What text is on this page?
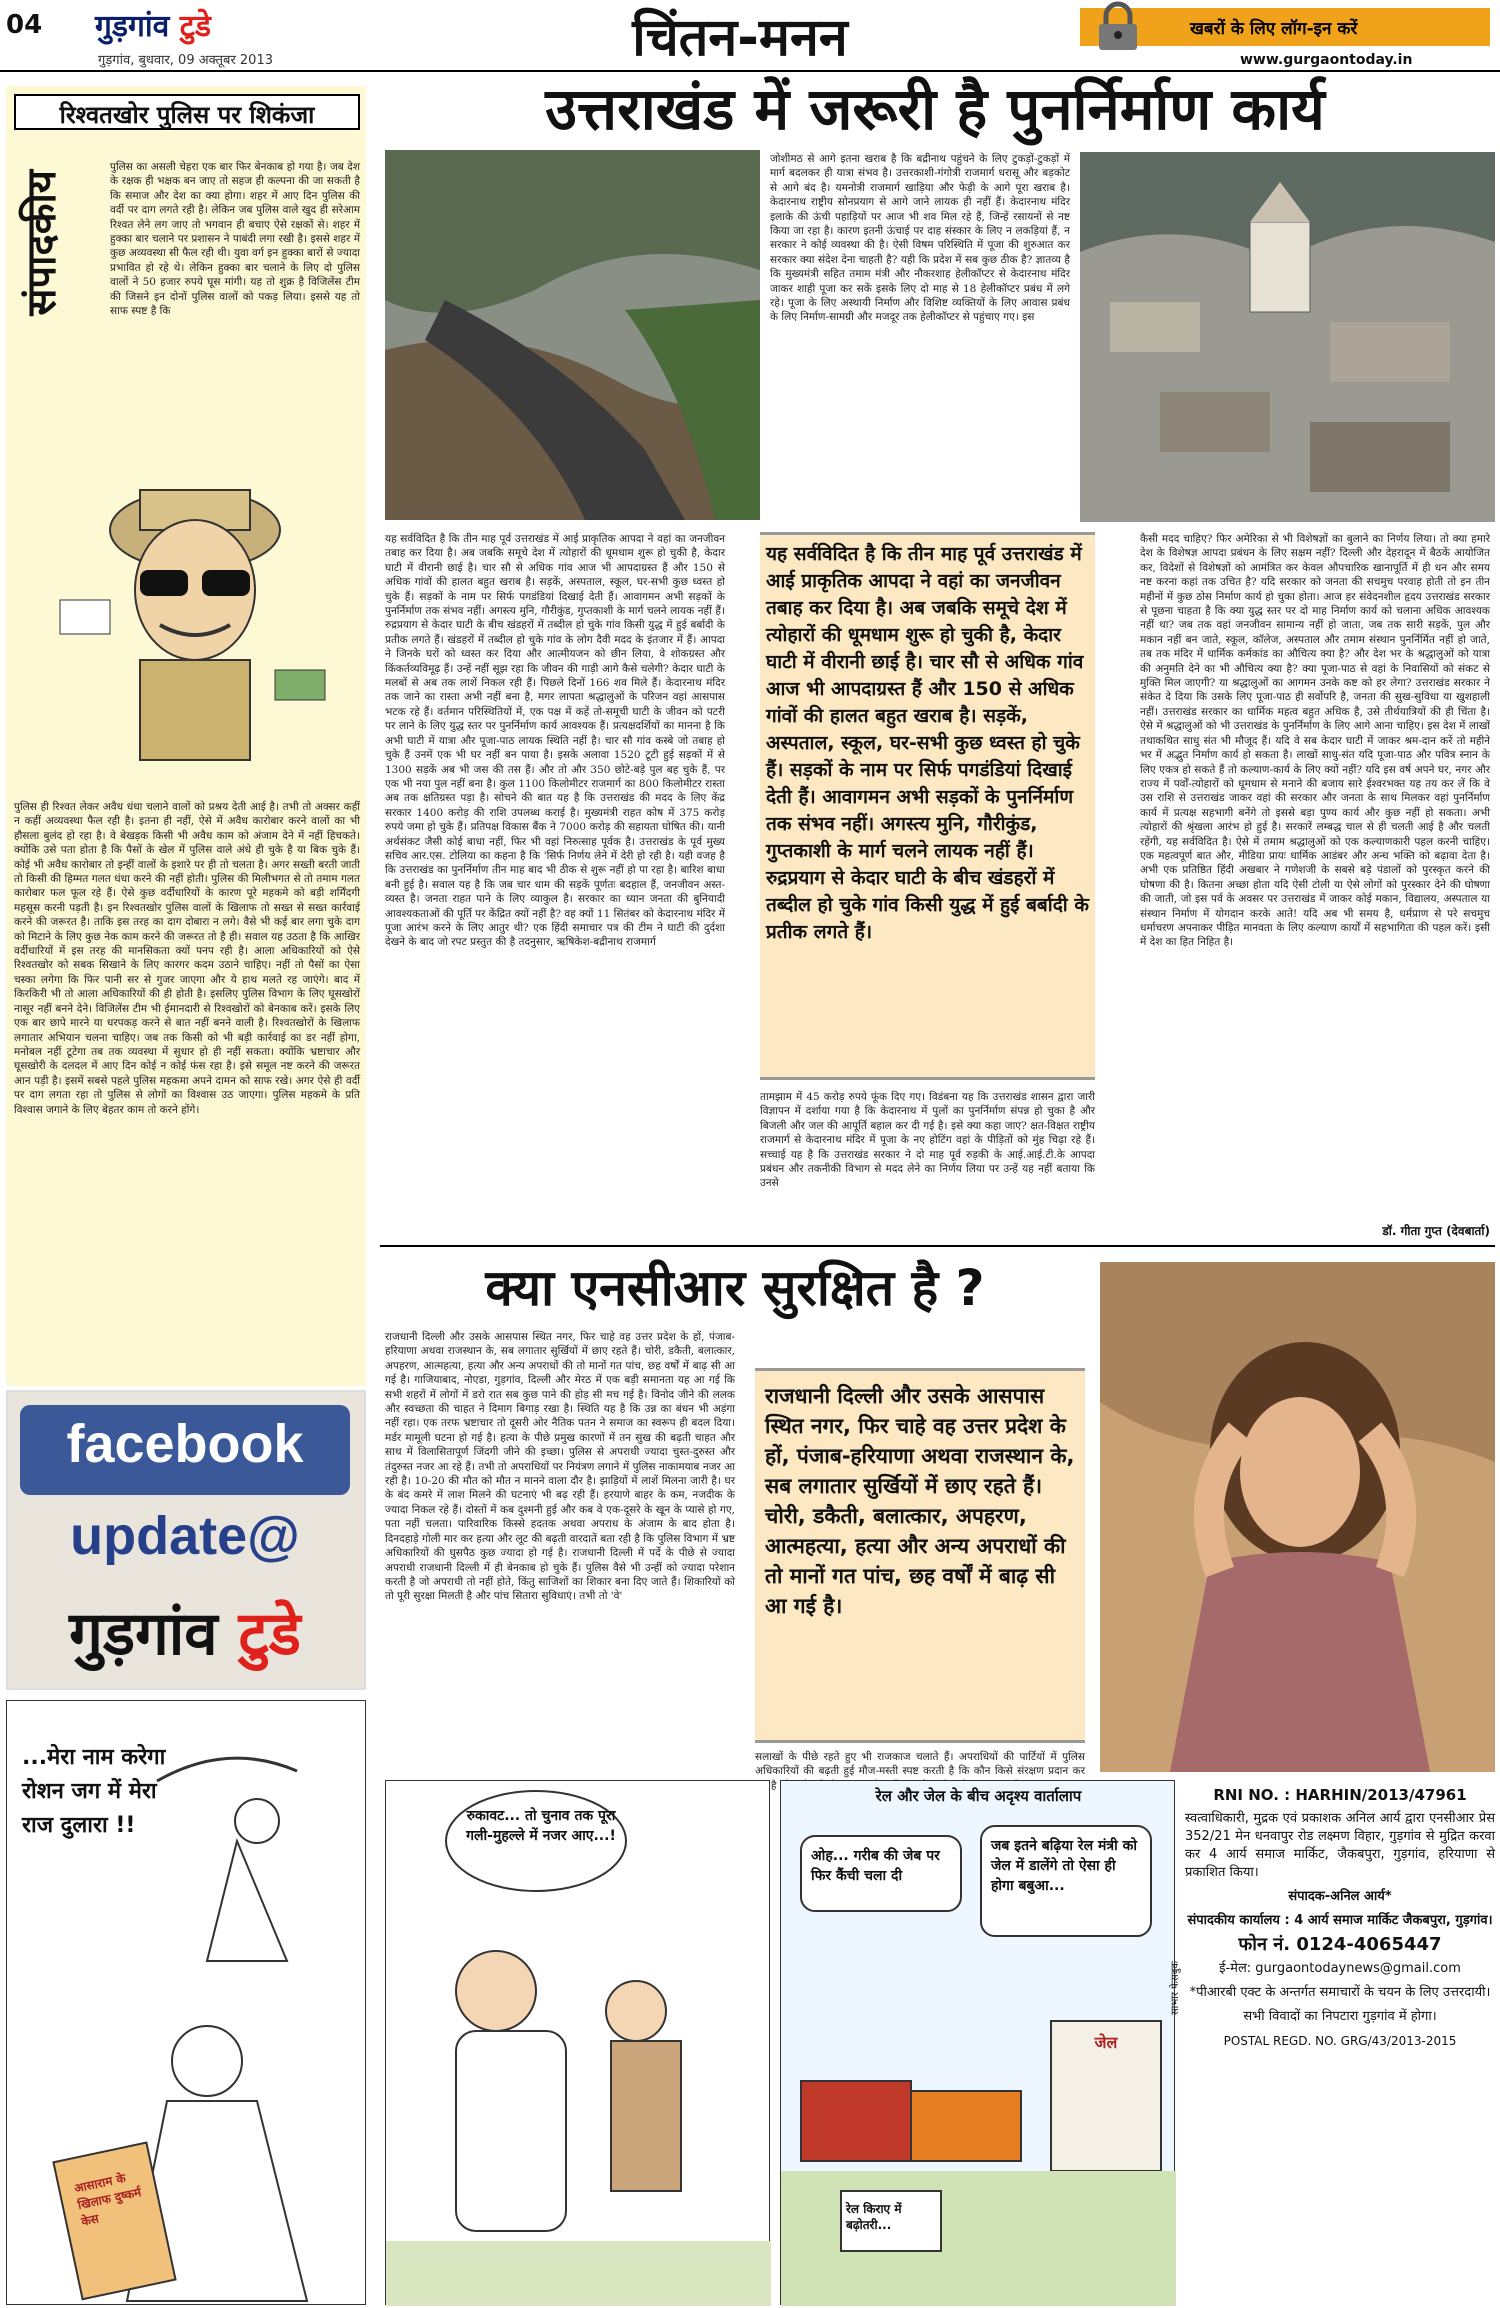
04 गुड़गांव टुडे
गुड़गांव, बुधवार, 09 अक्तूबर 2013	चिंतन-मनन	खबरों के लिए लॉग-इन करें
www.gurgaontoday.in
रिश्वतखोर पुलिस पर शिकंजा
संपादकीय
पुलिस का असली चेहरा एक बार फिर बेनकाब हो गया है। जब देश के रक्षक ही भक्षक बन जाए तो सहज ही कल्पना की जा सकती है कि समाज और देश का क्या होगा। शहर में आए दिन पुलिस की वर्दी पर दाग लगते रही है। लेकिन जब पुलिस वाले खुद ही सरेआम रिश्वत लेने लग जाए तो भगवान ही बचाए ऐसे रक्षकों से। शहर में हुक्का बार चलाने पर प्रशासन ने पाबंदी लगा रखी है। इससे शहर में कुछ अव्यवस्था सी फैल रही थी। युवा वर्ग इन हुक्का बारों से ज्यादा प्रभावित हो रहे थे। लेकिन हुक्का बार चलाने के लिए दो पुलिस वालों ने 50 हजार रुपये घूस मांगी। यह तो शुक्र है विजिलेंस टीम की जिसने इन दोनों पुलिस वालों को पकड़ लिया। इससे यह तो साफ स्पष्ट है कि
पुलिस ही रिश्वत लेकर अवैध धंधा चलाने वालों को प्रश्रय देती आई है। तभी तो अक्सर कहीं न कहीं अव्यवस्था फैल रही है। इतना ही नहीं, ऐसे में अवैध कारोबार करने वालों का भी हौसला बुलंद हो रहा है। वे बेखड़क किसी भी अवैध काम को अंजाम देने में नहीं हिचकते। क्योंकि उसे पता होता है कि पैसों के खेल में पुलिस वाले अंधे ही चुके है या बिक चुके हैं। कोई भी अवैध कारोबार तो इन्हीं वालों के इशारे पर ही तो चलता है। अगर सख्ती बरती जाती तो किसी की हिम्मत गलत धंधा करने की नहीं होती। पुलिस की मिलीभगत से तो तमाम गलत कारोबार फल फूल रहे हैं। ऐसे कुछ वर्दीधारियों के कारण पूरे महकमे को बड़ी शर्मिंदगी महसूस करनी पड़ती है। इन रिश्वतखोर पुलिस वालों के खिलाफ तो सख्त से सख्त कार्रवाई करने की जरूरत है। ताकि इस तरह का दाग दोबारा न लगे। वैसे भी कई बार लगा चुके दाग को मिटाने के लिए कुछ नेक काम करने की जरूरत तो है ही। सवाल यह उठता है कि आखिर वर्दीधारियों में इस तरह की मानसिकता क्यों पनप रही है। आला अधिकारियों को ऐसे रिश्वतखोर को सबक सिखाने के लिए कारगर कदम उठाने चाहिए। नहीं तो पैसों का ऐसा चस्का लगेगा कि फिर पानी सर से गुजर जाएगा और ये हाथ मलते रह जाएंगे। बाद में किरकिरी भी तो आला अधिकारियों की ही होती है। इसलिए पुलिस विभाग के लिए घूसखोरों नासूर नहीं बनने देने। विजिलेंस टीम भी ईमानदारी से रिश्वखोरों को बेनकाब करें। इसके लिए एक बार छापे मारने या धरपकड़ करने से बात नहीं बनने वाली है। रिश्वतखोरों के खिलाफ लगातार अभियान चलना चाहिए। जब तक किसी को भी बड़ी कार्रवाई का डर नहीं होगा, मनोबल नहीं टूटेगा तब तक व्यवस्था में सुधार हो ही नहीं सकता। क्योंकि भ्रष्टाचार और घूसखोरी के दलदल में आए दिन कोई न कोई फंस रहा है। इसे समूल नष्ट करने की जरूरत आन पड़ी है। इसमें सबसे पहले पुलिस महकमा अपने दामन को साफ रखे। अगर ऐसे ही वर्दी पर दाग लगता रहा तो पुलिस से लोगों का विश्वास उठ जाएगा। पुलिस महकमे के प्रति विश्वास जगाने के लिए बेहतर काम तो करने होंगे।
उत्तराखंड में जरूरी है पुनर्निर्माण कार्य
जोशीमठ से आगे इतना खराब है कि बद्रीनाथ पहुंचने के लिए टुकड़ों-टुकड़ों में मार्ग बदलकर ही यात्रा संभव है। उत्तरकाशी-गंगोत्री राजमार्ग धरासू और बड़कोट से आगे बंद है। यमनोत्री राजमार्ग खाड़िया और फेड़ी के आगे पूरा खराब है। केदारनाथ राष्ट्रीय सोनप्रयाग से आगे जाने लायक ही नहीं हैं। केदारनाथ मंदिर इलाके की ऊंची पहाड़ियों पर आज भी शव मिल रहे हैं, जिन्हें रसायनों से नष्ट किया जा रहा है। कारण इतनी ऊंचाई पर दाह संस्कार के लिए न लकड़ियां हैं, न सरकार ने कोई व्यवस्था की है। ऐसी विषम परिस्थिति में पूजा की शुरुआत कर सरकार क्या संदेश देना चाहती है? यही कि प्रदेश में सब कुछ ठीक है? ज्ञातव्य है कि मुख्यमंत्री सहित तमाम मंत्री और नौकरशाह हेलीकॉप्टर से केदारनाथ मंदिर जाकर शाही पूजा कर सकें इसके लिए दो माह से 18 हेलीकॉप्टर प्रबंध में लगे रहे। पूजा के लिए अस्थायी निर्माण और विशिष्ट व्यक्तियों के लिए आवास प्रबंध के लिए निर्माण-सामग्री और मजदूर तक हेलीकॉप्टर से पहुंचाए गए। इस
यह सर्वविदित है कि तीन माह पूर्व उत्तराखंड में आई प्राकृतिक आपदा ने वहां का जनजीवन तबाह कर दिया है। अब जबकि समूचे देश में त्योहारों की धूमधाम शुरू हो चुकी है, केदार घाटी में वीरानी छाई है। चार सौ से अधिक गांव आज भी आपदाग्रस्त हैं और 150 से अधिक गांवों की हालत बहुत खराब है। सड़कें, अस्पताल, स्कूल, घर-सभी कुछ ध्वस्त हो चुके हैं। सड़कों के नाम पर सिर्फ पगडंडियां दिखाई देती हैं। आवागमन अभी सड़कों के पुनर्निर्माण तक संभव नहीं। अगस्त्य मुनि, गौरीकुंड, गुप्तकाशी के मार्ग चलने लायक नहीं हैं। रुद्रप्रयाग से केदार घाटी के बीच खंडहरों में तब्दील हो चुके गांव किसी युद्ध में हुई बर्बादी के प्रतीक लगते हैं। खंडहरों में तब्दील हो चुके गांव के लोग दैवी मदद के इंतजार में हैं। आपदा ने जिनके घरों को ध्वस्त कर दिया और आत्मीयजन को छीन लिया, वे शोकग्रस्त और किंकर्तव्यविमूढ़ हैं। उन्हें नहीं सूझ रहा कि जीवन की गाड़ी आगे कैसे चलेगी? केदार घाटी के मलबों से अब तक लाशें निकल रही हैं। पिछले दिनों 166 शव मिले हैं। केदारनाथ मंदिर तक जाने का रास्ता अभी नहीं बना है, मगर लापता श्रद्धालुओं के परिजन वहां आसपास भटक रहे हैं। वर्तमान परिस्थितियों में, एक पक्ष में कहें तो-समूची घाटी के जीवन को पटरी पर लाने के लिए युद्ध स्तर पर पुनर्निर्माण कार्य आवश्यक हैं। प्रत्यक्षदर्शियों का मानना है कि अभी घाटी में यात्रा और पूजा-पाठ लायक स्थिति नहीं है। चार सौ गांव कस्बे जो तबाह हो चुके हैं उनमें एक भी घर नहीं बन पाया है। इसके अलावा 1520 टूटी हुई सड़कों में से 1300 सड़कें अब भी जस की तस हैं। और तो और 350 छोटे-बड़े पुल बह चुके हैं, पर एक भी नया पुल नहीं बना है। कुल 1100 किलोमीटर राजमार्ग का 800 किलोमीटर रास्ता अब तक क्षतिग्रस्त पड़ा है। सोचने की बात यह है कि उत्तराखंड की मदद के लिए केंद्र सरकार 1400 करोड़ की राशि उपलब्ध कराई है। मुख्यमंत्री राहत कोष में 375 करोड़ रुपये जमा हो चुके हैं। प्रतिपक्ष विकास बैंक ने 7000 करोड़ की सहायता घोषित की। यानी अर्थसंकट जैसी कोई बाधा नहीं, फिर भी वहां निरुत्साह पूर्वक है। उत्तराखंड के पूर्व मुख्य सचिव आर.एस. टोलिया का कहना है कि 'सिर्फ निर्णय लेने में देरी हो रही है। यही वजह है कि उत्तराखंड का पुनर्निर्माण तीन माह बाद भी ठीक से शुरू नहीं हो पा रहा है। बारिश बाधा बनी हुई है। सवाल यह है कि जब चार धाम की सड़कें पूर्णतः बदहाल हैं, जनजीवन अस्त-व्यस्त है। जनता राहत पाने के लिए व्याकुल है। सरकार का ध्यान जनता की बुनियादी आवश्यकताओं की पूर्ति पर केंद्रित क्यों नहीं है? वह क्यों 11 सितंबर को केदारनाथ मंदिर में पूजा आरंभ करने के लिए आतुर थी? एक हिंदी समाचार पत्र की टीम ने घाटी की दुर्दशा देखने के बाद जो रपट प्रस्तुत की है तदनुसार, ऋषिकेश-बद्रीनाथ राजमार्ग
यह सर्वविदित है कि तीन माह पूर्व उत्तराखंड में आई प्राकृतिक आपदा ने वहां का जनजीवन तबाह कर दिया है। अब जबकि समूचे देश में त्योहारों की धूमधाम शुरू हो चुकी है, केदार घाटी में वीरानी छाई है। चार सौ से अधिक गांव आज भी आपदाग्रस्त हैं और 150 से अधिक गांवों की हालत बहुत खराब है। सड़कें, अस्पताल, स्कूल, घर-सभी कुछ ध्वस्त हो चुके हैं। सड़कों के नाम पर सिर्फ पगडंडियां दिखाई देती हैं। आवागमन अभी सड़कों के पुनर्निर्माण तक संभव नहीं। अगस्त्य मुनि, गौरीकुंड, गुप्तकाशी के मार्ग चलने लायक नहीं हैं। रुद्रप्रयाग से केदार घाटी के बीच खंडहरों में तब्दील हो चुके गांव किसी युद्ध में हुई बर्बादी के प्रतीक लगते हैं।
तामझाम में 45 करोड़ रुपये फूंक दिए गए। विडंबना यह कि उत्तराखंड शासन द्वारा जारी विज्ञापन में दर्शाया गया है कि केदारनाथ में पुलों का पुनर्निर्माण संपन्न हो चुका है और बिजली और जल की आपूर्ति बहाल कर दी गई है। इसे क्या कहा जाए? क्षत-विक्षत राष्ट्रीय राजमार्ग से केदारनाथ मंदिर में पूजा के नए होटिंग वहां के पीड़ितों को मुंह चिढ़ा रहे हैं। सच्चाई यह है कि उत्तराखंड सरकार ने दो माह पूर्व रुड़की के आई.आई.टी.के आपदा प्रबंधन और तकनीकी विभाग से मदद लेने का निर्णय लिया पर उन्हें यह नहीं बताया कि उनसे
कैसी मदद चाहिए? फिर अमेरिका से भी विशेषज्ञों का बुलाने का निर्णय लिया। तो क्या हमारे देश के विशेषज्ञ आपदा प्रबंधन के लिए सक्षम नहीं? दिल्ली और देहरादून में बैठकें आयोजित कर, विदेशों से विशेषज्ञों को आमंत्रित कर केवल औपचारिक खानापूर्ति में ही धन और समय नष्ट करना कहां तक उचित है? यदि सरकार को जनता की सचमुच परवाह होती तो इन तीन महीनों में कुछ ठोस निर्माण कार्य हो चुका होता। आज हर संवेदनशील हृदय उत्तराखंड सरकार से पूछना चाहता है कि क्या युद्ध स्तर पर दो माह निर्माण कार्य को चलाना अधिक आवश्यक नहीं था? जब तक वहां जनजीवन सामान्य नहीं हो जाता, जब तक सारी सड़कें, पुल और मकान नहीं बन जाते, स्कूल, कॉलेज, अस्पताल और तमाम संस्थान पुनर्निर्मित नहीं हो जाते, तब तक मंदिर में धार्मिक कर्मकांड का औचित्य क्या है? और देश भर के श्रद्धालुओं को यात्रा की अनुमति देने का भी औचित्य क्या है? क्या पूजा-पाठ से वहां के निवासियों को संकट से मुक्ति मिल जाएगी? या श्रद्धालुओं का आगमन उनके कष्ट को हर लेगा? उत्तराखंड सरकार ने संकेत दे दिया कि उसके लिए पूजा-पाठ ही सर्वोपरि है, जनता की सुख-सुविधा या खुशहाली नहीं। उत्तराखंड सरकार का धार्मिक महत्व बहुत अधिक है, उसे तीर्थयात्रियों की ही चिंता है। ऐसे में श्रद्धालुओं को भी उत्तराखंड के पुनर्निर्माण के लिए आगे आना चाहिए। इस देश में लाखों तथाकथित साधु संत भी मौजूद हैं। यदि वे सब केदार घाटी में जाकर श्रम-दान करें तो महीने भर में अद्भुत निर्माण कार्य हो सकता है। लाखों साधु-संत यदि पूजा-पाठ और पवित्र स्नान के लिए एकत्र हो सकते हैं तो कल्याण-कार्य के लिए क्यों नहीं? यदि इस वर्ष अपने घर, नगर और राज्य में पर्वों-त्योहारों को धूमधाम से मनाने की बजाय सारे ईश्वरभक्त यह तय कर लें कि वे उस राशि से उत्तराखंड जाकर वहां की सरकार और जनता के साथ मिलकर वहां पुनर्निर्माण कार्य में प्रत्यक्ष सहभागी बनेंगे तो इससे बड़ा पुण्य कार्य और कुछ नहीं हो सकता। अभी त्योहारों की श्रृंखला आरंभ हो हुई है। सरकारें लम्बद्ध चाल से ही चलती आई है और चलती रहेंगी, यह सर्वविदित है। ऐसे में तमाम श्रद्धालुओं को एक कल्याणकारी पहल करनी चाहिए। एक महत्वपूर्ण बात और, मीडिया प्रायः धार्मिक आडंबर और अन्ध भक्ति को बढ़ावा देता है। अभी एक प्रतिष्ठित हिंदी अखबार ने गणेशजी के सबसे बड़े पंडालों को पुरस्कृत करने की घोषणा की है। कितना अच्छा होता यदि ऐसी टोली या ऐसे लोगों को पुरस्कार देने की घोषणा की जाती, जो इस पर्व के अवसर पर उत्तराखंड में जाकर कोई मकान, विद्यालय, अस्पताल या संस्थान निर्माण में योगदान करके आते! यदि अब भी समय है, धर्मप्राण से परे सचमुच धर्माचरण अपनाकर पीड़ित मानवता के लिए कल्याण कार्यों में सहभागिता की पहल करें। इसी में देश का हित निहित है।
डॉ. गीता गुप्त (देवबार्ता)
क्या एनसीआर सुरक्षित है ?
राजधानी दिल्ली और उसके आसपास स्थित नगर, फिर चाहे वह उत्तर प्रदेश के हों, पंजाब-हरियाणा अथवा राजस्थान के, सब लगातार सुर्खियों में छाए रहते हैं। चोरी, डकैती, बलात्कार, अपहरण, आत्महत्या, हत्या और अन्य अपराधों की तो मानों गत पांच, छह वर्षों में बाढ़ सी आ गई है। गाजियाबाद, नोएडा, गुड़गांव, दिल्ली और मेरठ में एक बड़ी समानता यह आ गई कि सभी शहरों में लोगों में डरो रात सब कुछ पाने की होड़ सी मच गई है। विनोद जीने की ललक और स्वच्छता की चाहत ने दिमाग बिगाड़ रखा है। स्थिति यह है कि उन्न का बंधन भी अड़ंगा नहीं रहा। एक तरफ भ्रष्टाचार तो दूसरी ओर नैतिक पतन ने समाज का स्वरूप ही बदल दिया। मर्डर मामूली घटना हो गई है। हत्या के पीछे प्रमुख कारणों में तन सुख की बढ़ती चाहत और साथ में विलासितापूर्ण जिंदगी जीने की इच्छा। पुलिस से अपराधी ज्यादा चुस्त-दुरुस्त और तंदुरुस्त नजर आ रहे हैं। तभी तो अपराधियों पर नियंत्रण लगाने में पुलिस नाकामयाब नजर आ रही है। 10-20 की मौत को मौत न मानने वाला दौर है। झाड़ियों में लाशें मिलना जारी है। घर के बंद कमरे में लाश मिलने की घटनाएं भी बढ़ रही हैं। हरयाणे बाहर के कम, नजदीक के ज्यादा निकल रहे हैं। दोस्तों में कब दुश्मनी हुई और कब वे एक-दूसरे के खून के प्यासे हो गए, पता नहीं चलता। पारिवारिक किस्से हदतक अथवा अपराध के अंजाम के बाद होता है। दिनदहाड़े गोली मार कर हत्या और लूट की बढ़ती वारदातें बता रही है कि पुलिस विभाग में भ्रष्ट अधिकारियों की घुसपैठ कुछ ज्यादा हो गई है। राजधानी दिल्ली में पर्दे के पीछे से ज्यादा अपराधी राजधानी दिल्ली में ही बेनकाब हो चुके हैं। पुलिस वैसे भी उन्हीं को ज्यादा परेशान करती है जो अपराधी तो नहीं होते, किंतु साजिशों का शिकार बना दिए जाते हैं। शिकारियों को तो पूरी सुरक्षा मिलती है और पांच सितारा सुविधाएं। तभी तो 'वे'
राजधानी दिल्ली और उसके आसपास स्थित नगर, फिर चाहे वह उत्तर प्रदेश के हों, पंजाब-हरियाणा अथवा राजस्थान के, सब लगातार सुर्खियों में छाए रहते हैं। चोरी, डकैती, बलात्कार, अपहरण, आत्महत्या, हत्या और अन्य अपराधों की तो मानों गत पांच, छह वर्षों में बाढ़ सी आ गई है।
सलाखों के पीछे रहते हुए भी राजकाज चलाते हैं। अपराधियों की पार्टियों में पुलिस अधिकारियों की बढ़ती हुई मौज-मस्ती स्पष्ट करती है कि कौन किसे संरक्षण प्रदान कर है
facebook
update@
गुड़गांव टुडे
...मेरा नाम करेगा रोशन जग में मेरा राज दुलारा !!
आसाराम के खिलाफ दुष्कर्म केस
रुकावट... तो चुनाव तक पूरा गली-मुहल्ले में नजर आए...!
रेल और जेल के बीच अदृश्य वार्तालाप
ओह... गरीब की जेब पर फिर कैंची चला दी
जब इतने बढ़िया रेल मंत्री को जेल में डालेंगे तो ऐसा ही होगा बबुआ...
जेल
रेल किराए में बढ़ोतरी...
साभार फेसबुक

RNI NO. : HARHIN/2013/47961

स्वत्वाधिकारी, मुद्रक एवं प्रकाशक अनिल आर्य द्वारा एनसीआर प्रेस 352/21 मेन धनवापुर रोड लक्ष्मण विहार, गुड़गांव से मुद्रित करवा कर 4 आर्य समाज मार्किट, जैकबपुरा, गुड़गांव, हरियाणा से प्रकाशित किया।

संपादक-अनिल आर्य*

संपादकीय कार्यालय : 4 आर्य समाज मार्किट जैकबपुरा, गुड़गांव।

फोन नं. 0124-4065447

ई-मेल: gurgaontodaynews@gmail.com

*पीआरबी एक्ट के अन्तर्गत समाचारों के चयन के लिए उत्तरदायी।

सभी विवादों का निपटारा गुड़गांव में होगा।

POSTAL REGD. NO. GRG/43/2013-2015
